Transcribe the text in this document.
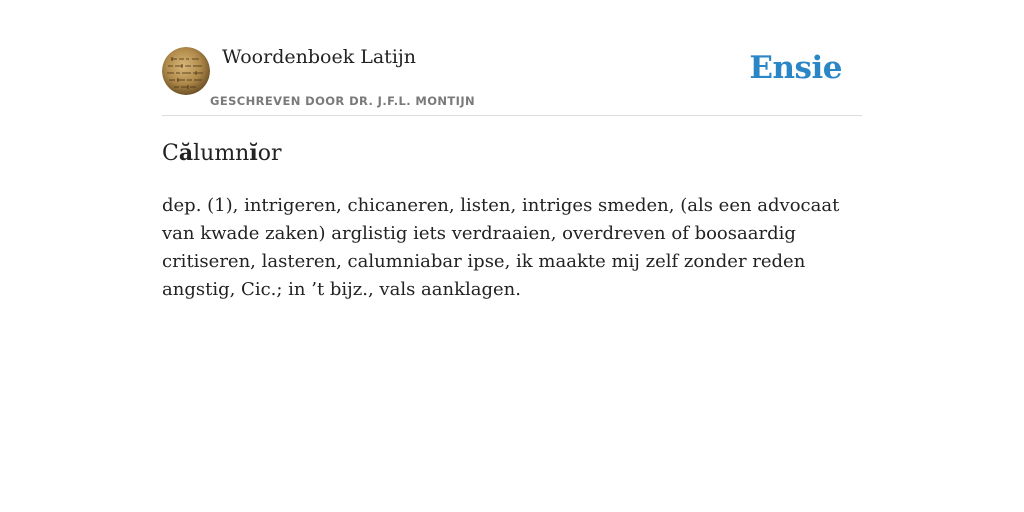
Woordenboek Latijn
GESCHREVEN DOOR DR. J.F.L. MONTIJN
Ensie
Călumnĭor
dep. (1), intrigeren, chicaneren, listen, intriges smeden, (als een advocaat van kwade zaken) arglistig iets verdraaien, overdreven of boosaardig critiseren, lasteren, calumniabar ipse, ik maakte mij zelf zonder reden angstig, Cic.; in ’t bijz., vals aanklagen.
